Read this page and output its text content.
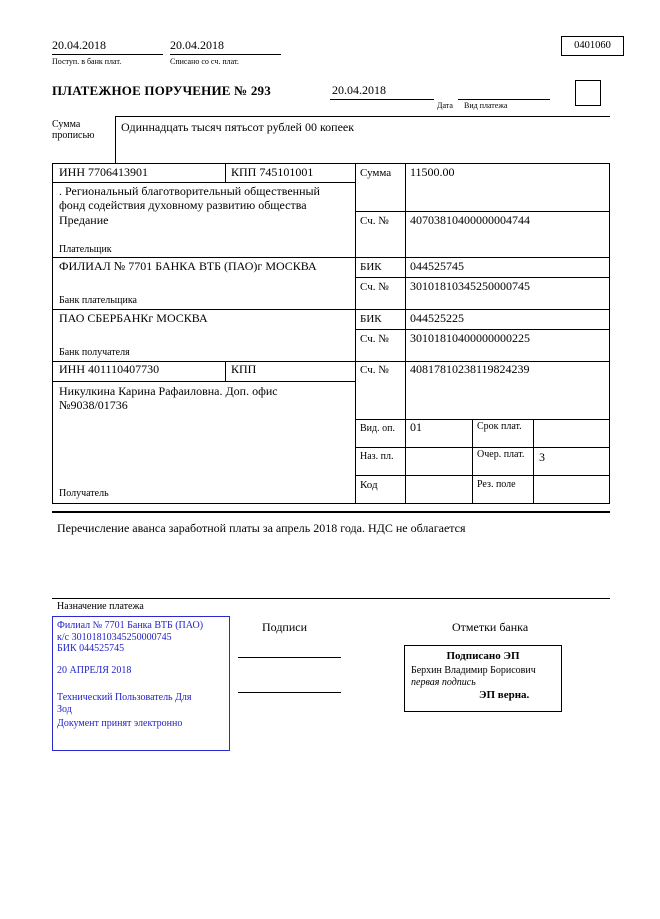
20.04.2018
Поступ. в банк плат.
20.04.2018
Списано со сч. плат.
0401060
ПЛАТЕЖНОЕ ПОРУЧЕНИЕ № 293	20.04.2018
Дата Вид платежа
Сумма
прописью
Одиннадцать тысяч пятьсот рублей 00 копеек
ИНН 7706413901	КПП 745101001	Сумма 11500.00
. Региональный благотворительный общественный фонд содействия духовному развитию общества Предание	Сч. № 40703810400000004744
Плательщик
ФИЛИАЛ № 7701 БАНКА ВТБ (ПАО)г МОСКВА	БИК 044525745
Сч. № 30101810345250000745
Банк плательщика
ПАО СБЕРБАНКг МОСКВА	БИК 044525225
Сч. № 30101810400000000225
Банк получателя
ИНН 401110407730	КПП	Сч. № 40817810238119824239
Никулкина Карина Рафаиловна. Доп. офис №9038/01736
Вид. оп. 01	Срок плат.
Наз. пл.	Очер. плат. 3
Код	Рез. поле
Получатель
Перечисление аванса заработной платы за апрель 2018 года. НДС не облагается
Назначение платежа
Подписи	Отметки банка
Филиал № 7701 Банка ВТБ (ПАО)
к/с 30101810345250000745
БИК 044525745
20 АПРЕЛЯ 2018
Технический Пользователь Для Зод
Документ принят электронно
Подписано ЭП
Берхин Владимир Борисович
первая подпись
ЭП верна.
